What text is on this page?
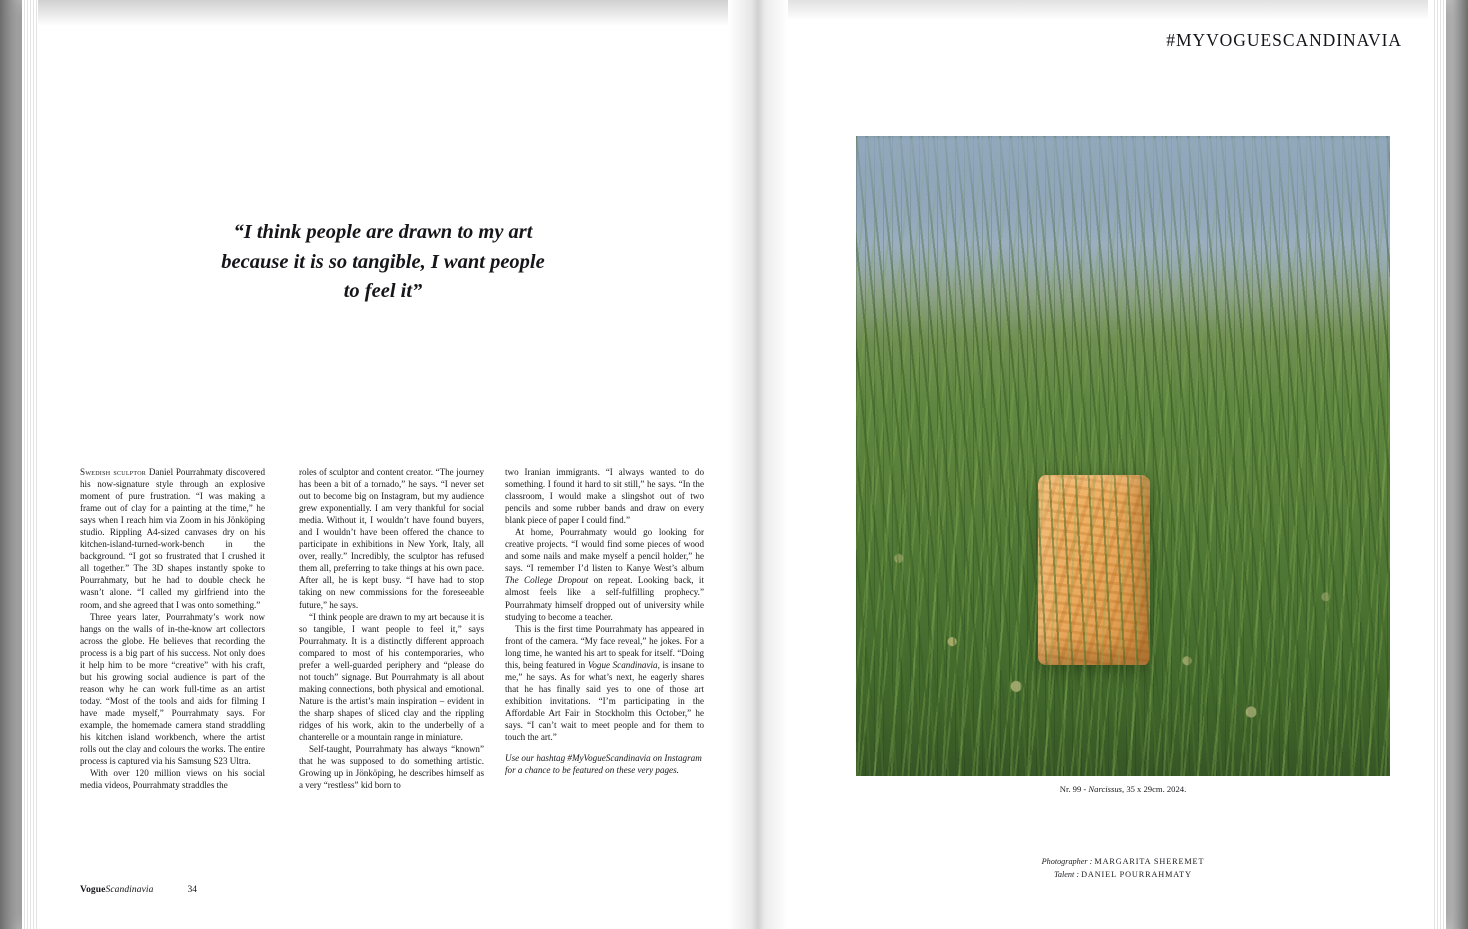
#MYVOGUESCANDINAVIA
“I think people are drawn to my art because it is so tangible, I want people to feel it”

Swedish sculptor Daniel Pourrahmaty discovered his now-signature style through an explosive moment of pure frustration. “I was making a frame out of clay for a painting at the time,” he says when I reach him via Zoom in his Jönköping studio. Rippling A4-sized canvases dry on his kitchen-island-turned-work-bench in the background. “I got so frustrated that I crushed it all together.” The 3D shapes instantly spoke to Pourrahmaty, but he had to double check he wasn’t alone. “I called my girlfriend into the room, and she agreed that I was onto something.”

Three years later, Pourrahmaty’s work now hangs on the walls of in-the-know art collectors across the globe. He believes that recording the process is a big part of his success. Not only does it help him to be more “creative” with his craft, but his growing social audience is part of the reason why he can work full-time as an artist today. “Most of the tools and aids for filming I have made myself,” Pourrahmaty says. For example, the homemade camera stand straddling his kitchen island workbench, where the artist rolls out the clay and colours the works. The entire process is captured via his Samsung S23 Ultra.

With over 120 million views on his social media videos, Pourrahmaty straddles the

roles of sculptor and content creator. “The journey has been a bit of a tornado,” he says. “I never set out to become big on Instagram, but my audience grew exponentially. I am very thankful for social media. Without it, I wouldn’t have found buyers, and I wouldn’t have been offered the chance to participate in exhibitions in New York, Italy, all over, really.” Incredibly, the sculptor has refused them all, preferring to take things at his own pace. After all, he is kept busy. “I have had to stop taking on new commissions for the foreseeable future,” he says.

“I think people are drawn to my art because it is so tangible, I want people to feel it,” says Pourrahmaty. It is a distinctly different approach compared to most of his contemporaries, who prefer a well-guarded periphery and “please do not touch” signage. But Pourrahmaty is all about making connections, both physical and emotional. Nature is the artist’s main inspiration – evident in the sharp shapes of sliced clay and the rippling ridges of his work, akin to the underbelly of a chanterelle or a mountain range in miniature.

Self-taught, Pourrahmaty has always “known” that he was supposed to do something artistic. Growing up in Jönköping, he describes himself as a very “restless” kid born to

two Iranian immigrants. “I always wanted to do something. I found it hard to sit still,” he says. “In the classroom, I would make a slingshot out of two pencils and some rubber bands and draw on every blank piece of paper I could find.”

At home, Pourrahmaty would go looking for creative projects. “I would find some pieces of wood and some nails and make myself a pencil holder,” he says. “I remember I’d listen to Kanye West’s album The College Dropout on repeat. Looking back, it almost feels like a self-fulfilling prophecy.” Pourrahmaty himself dropped out of university while studying to become a teacher.

This is the first time Pourrahmaty has appeared in front of the camera. “My face reveal,” he jokes. For a long time, he wanted his art to speak for itself. “Doing this, being featured in Vogue Scandinavia, is insane to me,” he says. As for what’s next, he eagerly shares that he has finally said yes to one of those art exhibition invitations. “I’m participating in the Affordable Art Fair in Stockholm this October,” he says. “I can’t wait to meet people and for them to touch the art.”

Use our hashtag #MyVogueScandinavia on Instagram for a chance to be featured on these very pages.
VogueScandinavia	34
Nr. 99 - Narcissus, 35 x 29cm. 2024.
Photographer : MARGARITA SHEREMET
Talent : DANIEL POURRAHMATY
